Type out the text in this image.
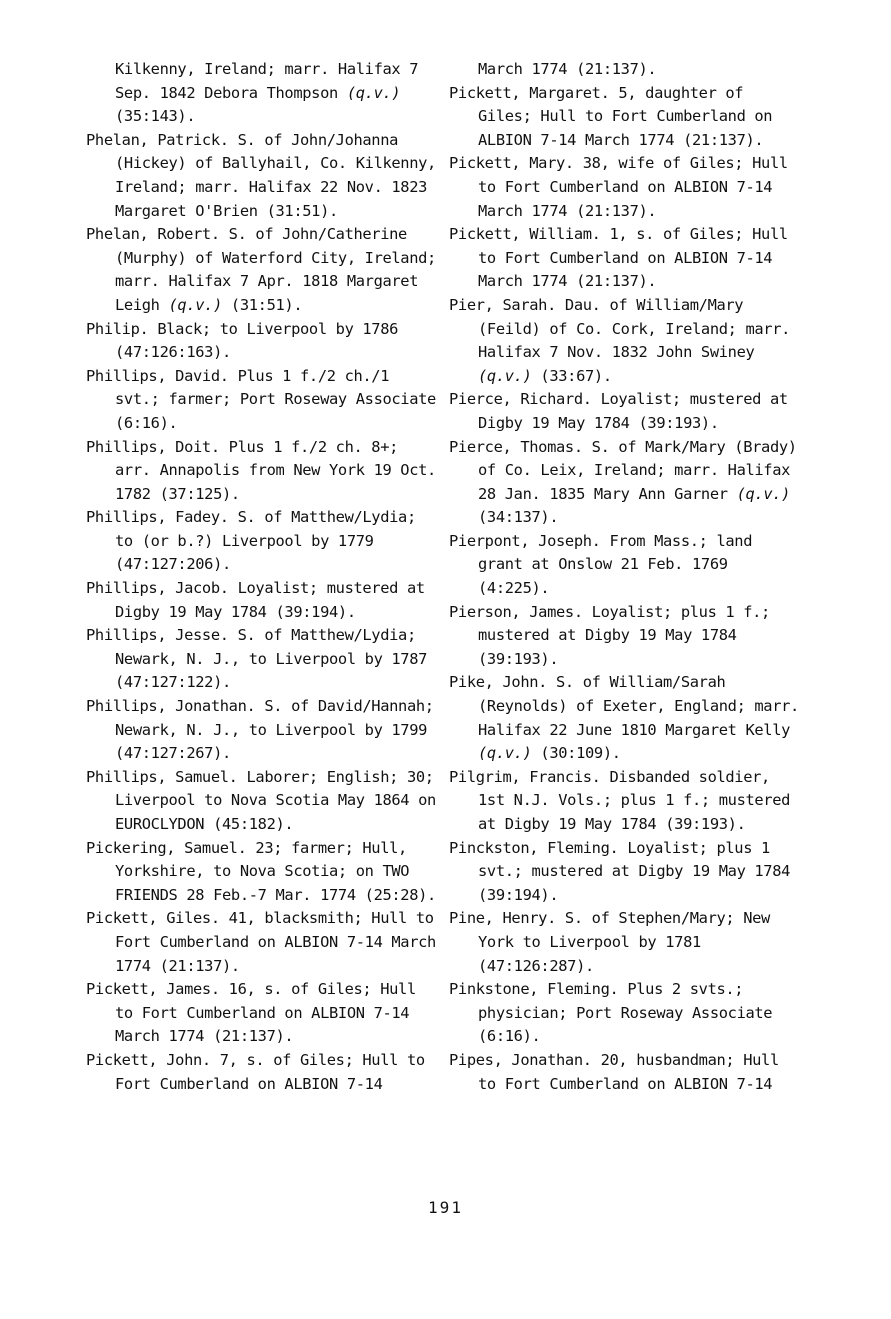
Kilkenny, Ireland; marr. Halifax 7 Sep. 1842 Debora Thompson (q.v.) (35:143).

Phelan, Patrick. S. of John/Johanna (Hickey) of Ballyhail, Co. Kilkenny, Ireland; marr. Halifax 22 Nov. 1823 Margaret O'Brien (31:51).

Phelan, Robert. S. of John/Catherine (Murphy) of Waterford City, Ireland; marr. Halifax 7 Apr. 1818 Margaret Leigh (q.v.) (31:51).

Philip. Black; to Liverpool by 1786 (47:126:163).

Phillips, David. Plus 1 f./2 ch./1 svt.; farmer; Port Roseway Associate (6:16).

Phillips, Doit. Plus 1 f./2 ch. 8+; arr. Annapolis from New York 19 Oct. 1782 (37:125).

Phillips, Fadey. S. of Matthew/Lydia; to (or b.?) Liverpool by 1779 (47:127:206).

Phillips, Jacob. Loyalist; mustered at Digby 19 May 1784 (39:194).

Phillips, Jesse. S. of Matthew/Lydia; Newark, N. J., to Liverpool by 1787 (47:127:122).

Phillips, Jonathan. S. of David/Hannah; Newark, N. J., to Liverpool by 1799 (47:127:267).

Phillips, Samuel. Laborer; English; 30; Liverpool to Nova Scotia May 1864 on EUROCLYDON (45:182).

Pickering, Samuel. 23; farmer; Hull, Yorkshire, to Nova Scotia; on TWO FRIENDS 28 Feb.-7 Mar. 1774 (25:28).

Pickett, Giles. 41, blacksmith; Hull to Fort Cumberland on ALBION 7-14 March 1774 (21:137).

Pickett, James. 16, s. of Giles; Hull to Fort Cumberland on ALBION 7-14 March 1774 (21:137).

Pickett, John. 7, s. of Giles; Hull to Fort Cumberland on ALBION 7-14

March 1774 (21:137).

Pickett, Margaret. 5, daughter of Giles; Hull to Fort Cumberland on ALBION 7-14 March 1774 (21:137).

Pickett, Mary. 38, wife of Giles; Hull to Fort Cumberland on ALBION 7-14 March 1774 (21:137).

Pickett, William. 1, s. of Giles; Hull to Fort Cumberland on ALBION 7-14 March 1774 (21:137).

Pier, Sarah. Dau. of William/Mary (Feild) of Co. Cork, Ireland; marr. Halifax 7 Nov. 1832 John Swiney (q.v.) (33:67).

Pierce, Richard. Loyalist; mustered at Digby 19 May 1784 (39:193).

Pierce, Thomas. S. of Mark/Mary (Brady) of Co. Leix, Ireland; marr. Halifax 28 Jan. 1835 Mary Ann Garner (q.v.) (34:137).

Pierpont, Joseph. From Mass.; land grant at Onslow 21 Feb. 1769 (4:225).

Pierson, James. Loyalist; plus 1 f.; mustered at Digby 19 May 1784 (39:193).

Pike, John. S. of William/Sarah (Reynolds) of Exeter, England; marr. Halifax 22 June 1810 Margaret Kelly (q.v.) (30:109).

Pilgrim, Francis. Disbanded soldier, 1st N.J. Vols.; plus 1 f.; mustered at Digby 19 May 1784 (39:193).

Pinckston, Fleming. Loyalist; plus 1 svt.; mustered at Digby 19 May 1784 (39:194).

Pine, Henry. S. of Stephen/Mary; New York to Liverpool by 1781 (47:126:287).

Pinkstone, Fleming. Plus 2 svts.; physician; Port Roseway Associate (6:16).

Pipes, Jonathan. 20, husbandman; Hull to Fort Cumberland on ALBION 7-14

191
